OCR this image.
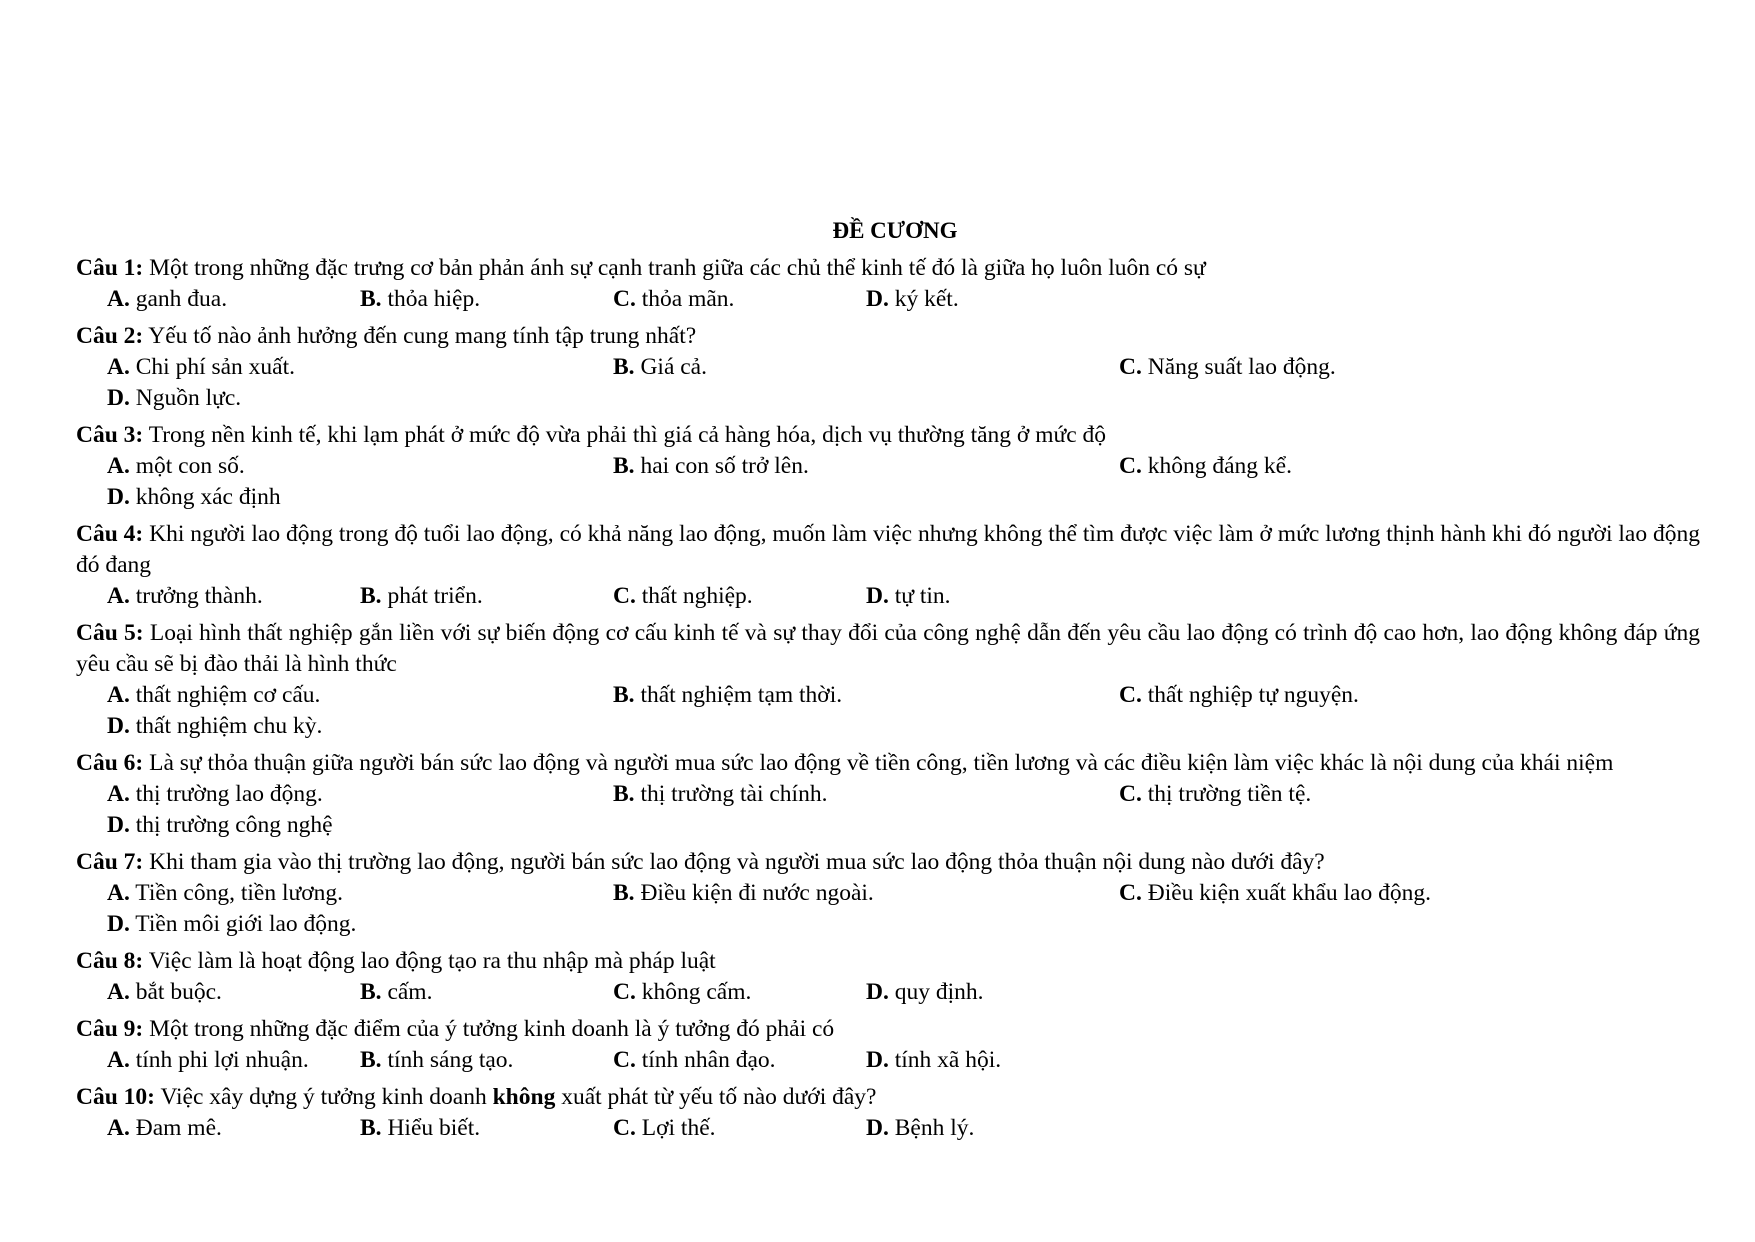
ĐỀ CƯƠNG
Câu 1: Một trong những đặc trưng cơ bản phản ánh sự cạnh tranh giữa các chủ thể kinh tế đó là giữa họ luôn luôn có sự
A. ganh đua.	B. thỏa hiệp.	C. thỏa mãn.	D. ký kết.
Câu 2: Yếu tố nào ảnh hưởng đến cung mang tính tập trung nhất?
A. Chi phí sản xuất.	B. Giá cả.	C. Năng suất lao động.
D. Nguồn lực.
Câu 3: Trong nền kinh tế, khi lạm phát ở mức độ vừa phải thì giá cả hàng hóa, dịch vụ thường tăng ở mức độ
A. một con số.	B. hai con số trở lên.	C. không đáng kể.
D. không xác định
Câu 4: Khi người lao động trong độ tuổi lao động, có khả năng lao động, muốn làm việc nhưng không thể tìm được việc làm ở mức lương thịnh hành khi đó người lao động đó đang
A. trưởng thành.	B. phát triển.	C. thất nghiệp.	D. tự tin.
Câu 5: Loại hình thất nghiệp gắn liền với sự biến động cơ cấu kinh tế và sự thay đổi của công nghệ dẫn đến yêu cầu lao động có trình độ cao hơn, lao động không đáp ứng yêu cầu sẽ bị đào thải là hình thức
A. thất nghiệm cơ cấu.	B. thất nghiệm tạm thời.	C. thất nghiệp tự nguyện.
D. thất nghiệm chu kỳ.
Câu 6: Là sự thỏa thuận giữa người bán sức lao động và người mua sức lao động về tiền công, tiền lương và các điều kiện làm việc khác là nội dung của khái niệm
A. thị trường lao động.	B. thị trường tài chính.	C. thị trường tiền tệ.
D. thị trường công nghệ
Câu 7: Khi tham gia vào thị trường lao động, người bán sức lao động và người mua sức lao động thỏa thuận nội dung nào dưới đây?
A. Tiền công, tiền lương.	B. Điều kiện đi nước ngoài.	C. Điều kiện xuất khẩu lao động.
D. Tiền môi giới lao động.
Câu 8: Việc làm là hoạt động lao động tạo ra thu nhập mà pháp luật
A. bắt buộc.	B. cấm.	C. không cấm.	D. quy định.
Câu 9: Một trong những đặc điểm của ý tưởng kinh doanh là ý tưởng đó phải có
A. tính phi lợi nhuận.	B. tính sáng tạo.	C. tính nhân đạo.	D. tính xã hội.
Câu 10: Việc xây dựng ý tưởng kinh doanh không xuất phát từ yếu tố nào dưới đây?
A. Đam mê.	B. Hiểu biết.	C. Lợi thế.	D. Bệnh lý.
